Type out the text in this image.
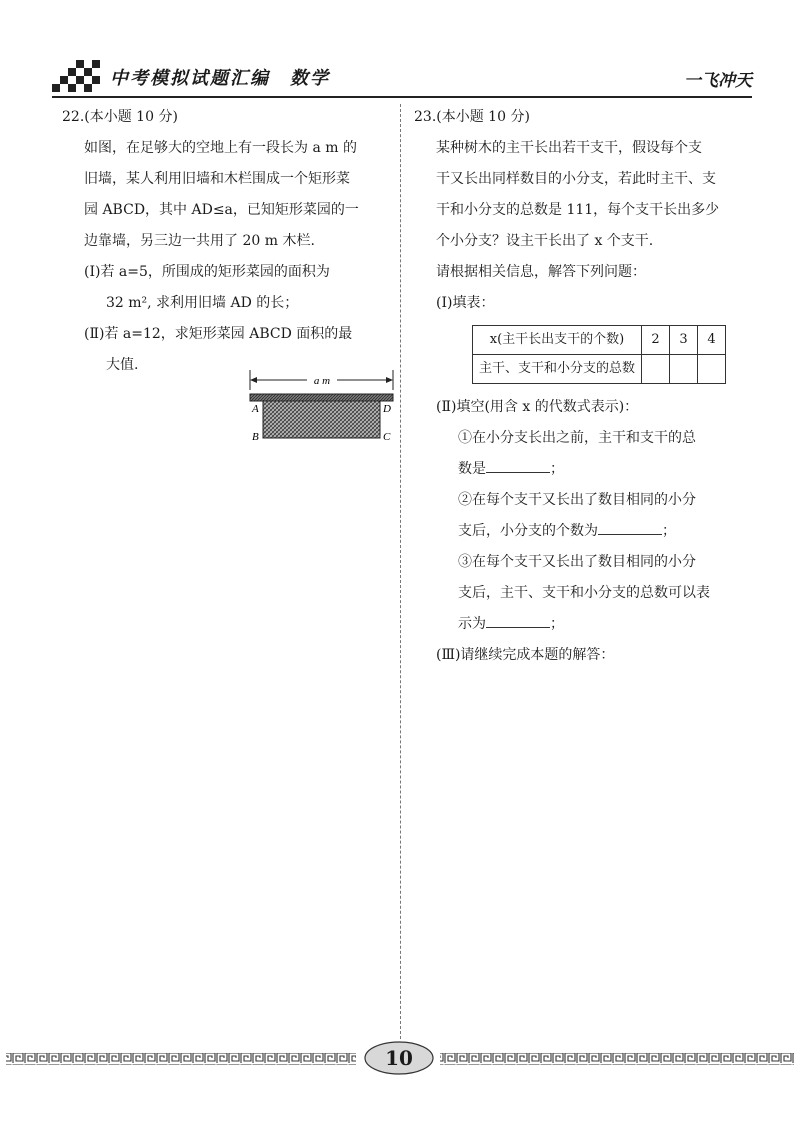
中考模拟试题汇编　数学	一飞冲天

22.(本小题 10 分)

如图，在足够大的空地上有一段长为 a m 的

旧墙，某人利用旧墙和木栏围成一个矩形菜

园 ABCD，其中 AD≤a，已知矩形菜园的一

边靠墙，另三边一共用了 20 m 木栏.

(Ⅰ)若 a=5，所围成的矩形菜园的面积为

32 m², 求利用旧墙 AD 的长；

(Ⅱ)若 a=12，求矩形菜园 ABCD 面积的最

大值.

a m
A
B	C
D

23.(本小题 10 分)

某种树木的主干长出若干支干，假设每个支

干又长出同样数目的小分支，若此时主干、支

干和小分支的总数是 111，每个支干长出多少

个小分支？设主干长出了 x 个支干.

请根据相关信息，解答下列问题：

(Ⅰ)填表：

x(主干长出支干的个数)	2	3	4
主干、支干和小分支的总数			

(Ⅱ)填空(用含 x 的代数式表示)：

①在小分支长出之前，主干和支干的总

数是	；

②在每个支干又长出了数目相同的小分

支后，小分支的个数为	；

③在每个支干又长出了数目相同的小分

支后，主干、支干和小分支的总数可以表

示为	；

(Ⅲ)请继续完成本题的解答：

10
